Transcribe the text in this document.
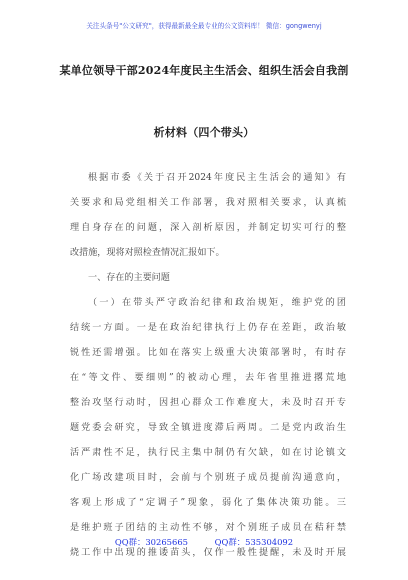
关注头条号"公文研究"，获得最新最全最专业的公文资料库！ 微信：gongwenyj
某单位领导干部2024年度民主生活会、组织生活会自我剖
析材料（四个带头）
根据市委《关于召开2024年度民主生活会的通知》有
关要求和局党组相关工作部署，我对照相关要求，认真梳
理自身存在的问题，深入剖析原因，并制定切实可行的整
改措施，现将对照检查情况汇报如下。
一、存在的主要问题
（一）在带头严守政治纪律和政治规矩，维护党的团
结统一方面。一是在政治纪律执行上仍存在差距，政治敏
锐性还需增强。比如在落实上级重大决策部署时，有时存
在“等文件、要细则”的被动心理，去年省里推进撂荒地
整治攻坚行动时，因担心群众工作难度大，未及时召开专
题党委会研究，导致全镇进度滞后两周。二是党内政治生
活严肃性不足，执行民主集中制仍有欠缺，如在讨论镇文
化广场改建项目时，会前与个别班子成员提前沟通意向，
客观上形成了“定调子”现象，弱化了集体决策功能。三
是维护班子团结的主动性不够，对个别班子成员在秸秆禁
烧工作中出现的推诿苗头，仅作一般性提醒，未及时开展
QQ群：30265665	QQ群：535304092
